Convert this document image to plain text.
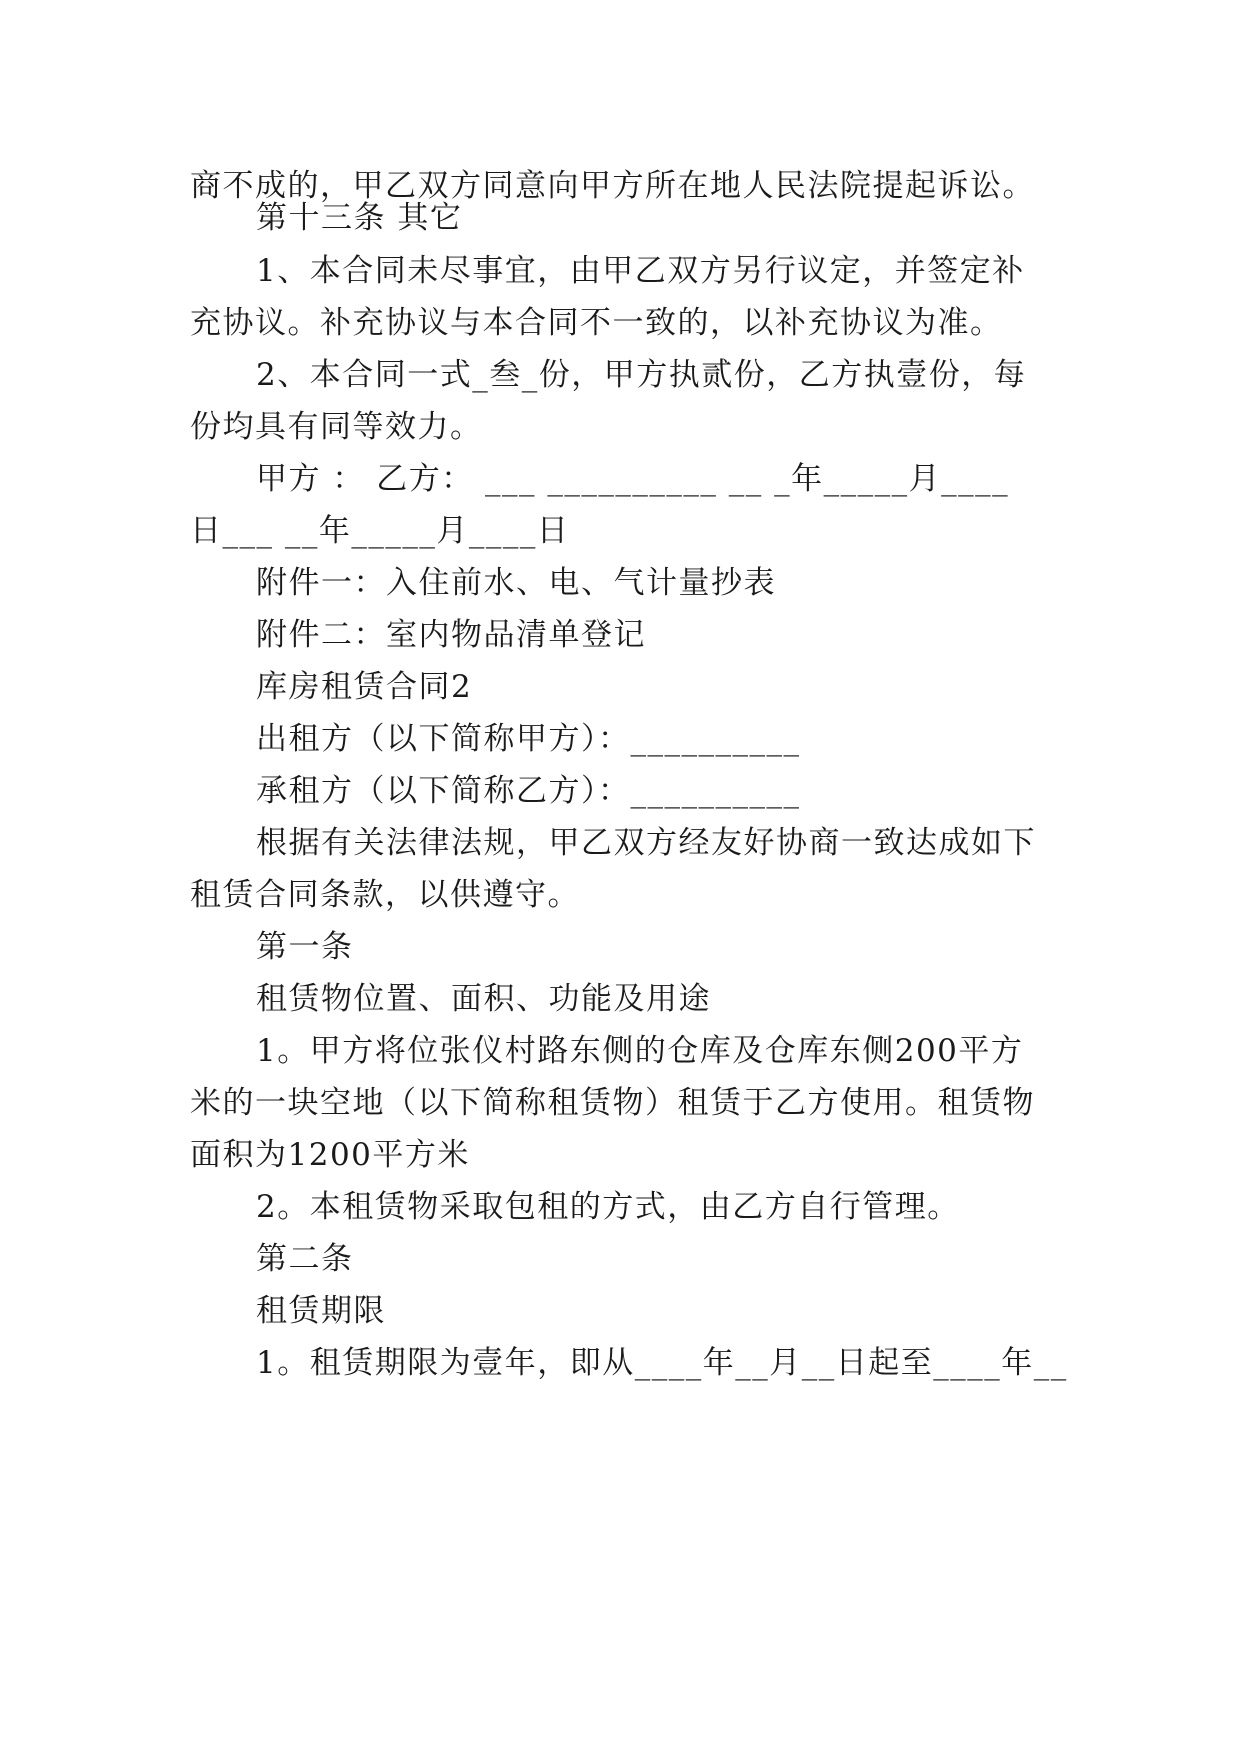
商不成的，甲乙双方同意向甲方所在地人民法院提起诉讼。
第十三条 其它
1、本合同未尽事宜，由甲乙双方另行议定，并签定补
充协议。补充协议与本合同不一致的，以补充协议为准。
2、本合同一式_叁_份，甲方执贰份，乙方执壹份，每
份均具有同等效力。
甲方 ： 乙方： ___ __________ __ _年_____月____
日___ __年_____月____日
附件一：入住前水、电、气计量抄表
附件二：室内物品清单登记
库房租赁合同2
出租方（以下简称甲方）：__________
承租方（以下简称乙方）：__________
根据有关法律法规，甲乙双方经友好协商一致达成如下
租赁合同条款，以供遵守。
第一条
租赁物位置、面积、功能及用途
1。甲方将位张仪村路东侧的仓库及仓库东侧200平方
米的一块空地（以下简称租赁物）租赁于乙方使用。租赁物
面积为1200平方米
2。本租赁物采取包租的方式，由乙方自行管理。
第二条
租赁期限
1。租赁期限为壹年，即从____年__月__日起至____年__
